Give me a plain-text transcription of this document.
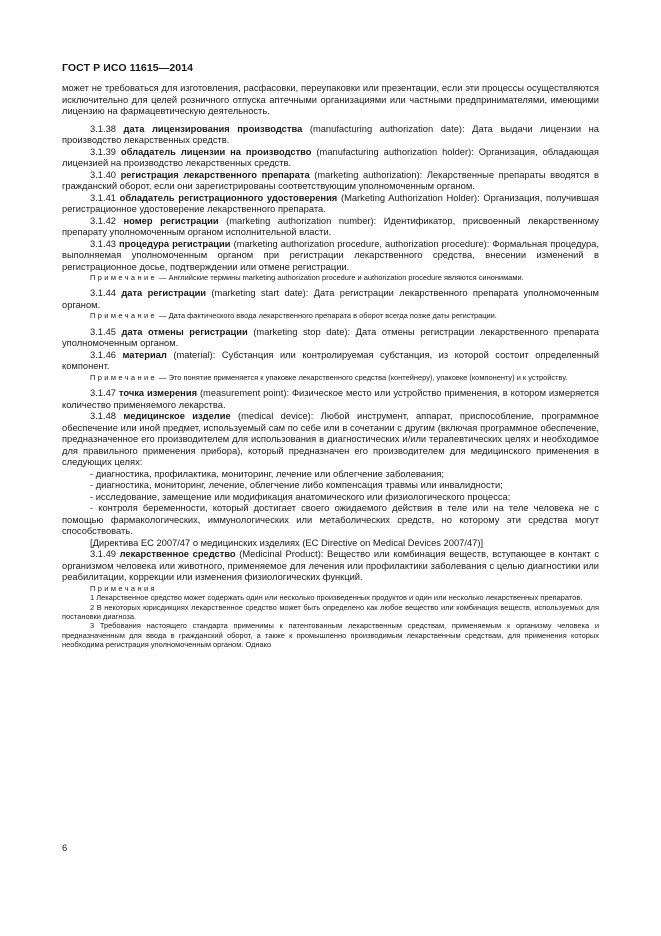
ГОСТ Р ИСО 11615—2014

может не требоваться для изготовления, расфасовки, переупаковки или презентации, если эти процессы осуществляются исключительно для целей розничного отпуска аптечными организациями или частными предпринимателями, имеющими лицензию на фармацевтическую деятельность.

3.1.38 дата лицензирования производства (manufacturing authorization date): Дата выдачи лицензии на производство лекарственных средств.

3.1.39 обладатель лицензии на производство (manufacturing authorization holder): Организация, обладающая лицензией на производство лекарственных средств.

3.1.40 регистрация лекарственного препарата (marketing authorization): Лекарственные препараты вводятся в гражданский оборот, если они зарегистрированы соответствующим уполномоченным органом.

3.1.41 обладатель регистрационного удостоверения (Marketing Authorization Holder): Организация, получившая регистрационное удостоверение лекарственного препарата.

3.1.42 номер регистрации (marketing authorization number): Идентификатор, присвоенный лекарственному препарату уполномоченным органом исполнительной власти.

3.1.43 процедура регистрации (marketing authorization procedure, authorization procedure): Формальная процедура, выполняемая уполномоченным органом при регистрации лекарственного средства, внесении изменений в регистрационное досье, подтверждении или отмене регистрации.

Примечание — Английские термины marketing authorization procedure и authorization procedure являются синонимами.

3.1.44 дата регистрации (marketing start date): Дата регистрации лекарственного препарата уполномоченным органом.

Примечание — Дата фактического ввода лекарственного препарата в оборот всегда позже даты регистрации.

3.1.45 дата отмены регистрации (marketing stop date): Дата отмены регистрации лекарственного препарата уполномоченным органом.

3.1.46 материал (material): Субстанция или контролируемая субстанция, из которой состоит определенный компонент.

Примечание — Это понятие применяется к упаковке лекарственного средства (контейнеру), упаковке (компоненту) и к устройству.

3.1.47 точка измерения (measurement point): Физическое место или устройство применения, в котором измеряется количество применяемого лекарства.

3.1.48 медицинское изделие (medical device): Любой инструмент, аппарат, приспособление, программное обеспечение или иной предмет, используемый сам по себе или в сочетании с другим (включая программное обеспечение, предназначенное его производителем для использования в диагностических и/или терапевтических целях и необходимое для правильного применения прибора), который предназначен его производителем для медицинского применения в следующих целях:

- диагностика, профилактика, мониторинг, лечение или облегчение заболевания;

- диагностика, мониторинг, лечение, облегчение либо компенсация травмы или инвалидности;

- исследование, замещение или модификация анатомического или физиологического процесса;

- контроля беременности, который достигает своего ожидаемого действия в теле или на теле человека не с помощью фармакологических, иммунологических или метаболических средств, но которому эти средства могут способствовать.

[Директива ЕС 2007/47 о медицинских изделиях (EC Directive on Medical Devices 2007/47)]

3.1.49 лекарственное средство (Medicinal Product): Вещество или комбинация веществ, вступающее в контакт с организмом человека или животного, применяемое для лечения или профилактики заболевания с целью диагностики или реабилитации, коррекции или изменения физиологических функций.

Примечания

1 Лекарственное средство может содержать один или несколько произведенных продуктов и один или несколько лекарственных препаратов.

2 В некоторых юрисдикциях лекарственное средство может быть определено как любое вещество или комбинация веществ, используемых для постановки диагноза.

3 Требования настоящего стандарта применимы к патентованным лекарственным средствам, применяемым к организму человека и предназначенным для ввода в гражданский оборот, а также к промышленно производимым лекарственным средствам, для применения которых необходима регистрация уполномоченным органом. Однако

6
